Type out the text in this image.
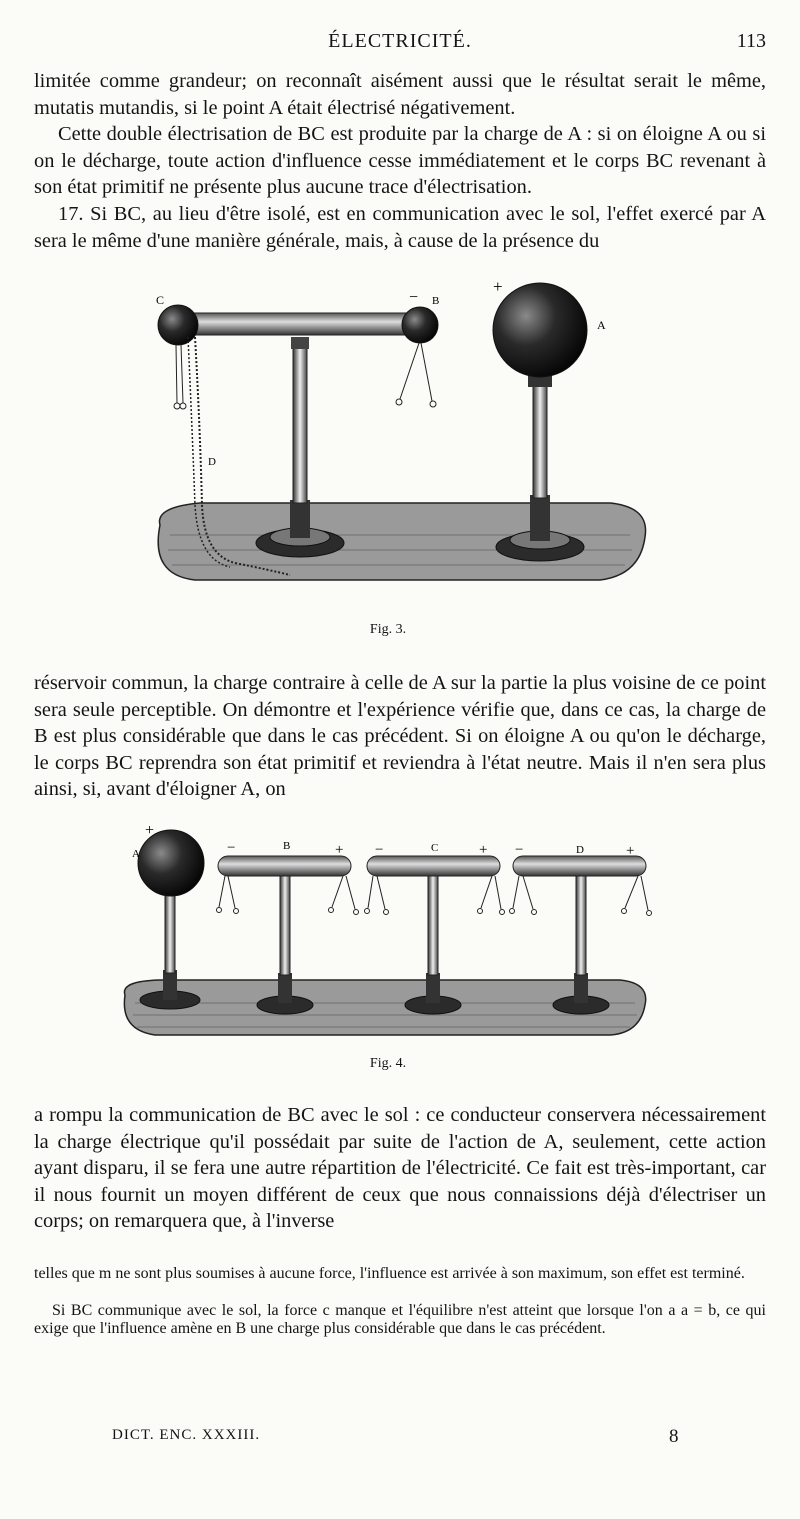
ÉLECTRICITÉ.	113

limitée comme grandeur; on reconnaît aisément aussi que le résultat serait le même, mutatis mutandis, si le point A était électrisé négativement.

Cette double électrisation de BC est produite par la charge de A : si on éloigne A ou si on le décharge, toute action d'influence cesse immédiatement et le corps BC revenant à son état primitif ne présente plus aucune trace d'électrisation.

17. Si BC, au lieu d'être isolé, est en communication avec le sol, l'effet exercé par A sera le même d'une manière générale, mais, à cause de la présence du

C	− B
+
A
D
Fig. 3.

réservoir commun, la charge contraire à celle de A sur la partie la plus voisine de ce point sera seule perceptible. On démontre et l'expérience vérifie que, dans ce cas, la charge de B est plus considérable que dans le cas précédent. Si on éloigne A ou qu'on le décharge, le corps BC reprendra son état primitif et reviendra à l'état neutre. Mais il n'en sera plus ainsi, si, avant d'éloigner A, on

+
A	−	B	+ −	C	+ −	D	+
Fig. 4.

a rompu la communication de BC avec le sol : ce conducteur conservera nécessairement la charge électrique qu'il possédait par suite de l'action de A, seulement, cette action ayant disparu, il se fera une autre répartition de l'électricité. Ce fait est très-important, car il nous fournit un moyen différent de ceux que nous connaissions déjà d'électriser un corps; on remarquera que, à l'inverse

telles que m ne sont plus soumises à aucune force, l'influence est arrivée à son maximum, son effet est terminé.

Si BC communique avec le sol, la force c manque et l'équilibre n'est atteint que lorsque l'on a a = b, ce qui exige que l'influence amène en B une charge plus considérable que dans le cas précédent.

DICT. ENC. XXXIII.	8
